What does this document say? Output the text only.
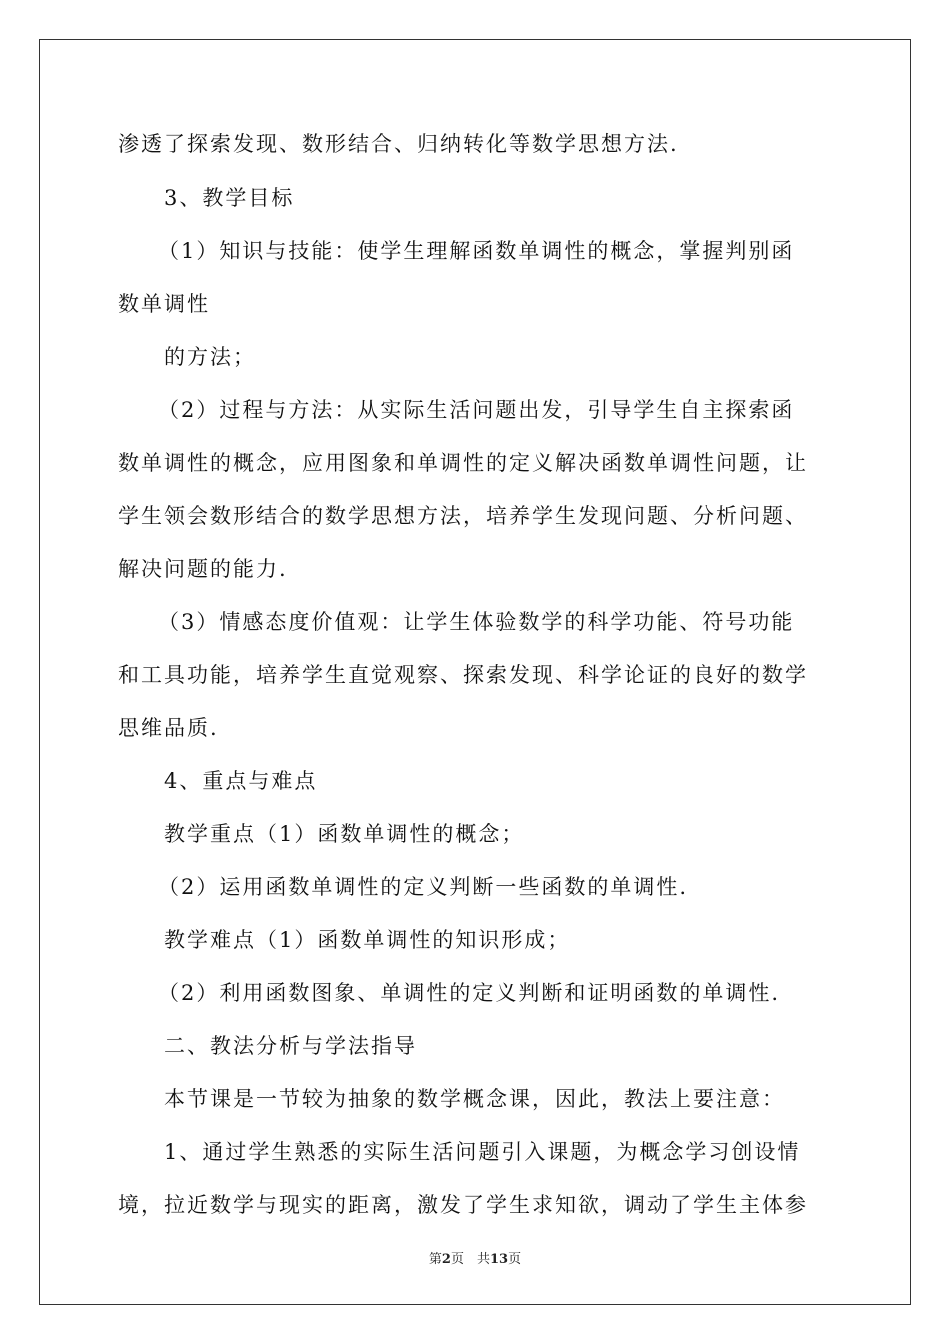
渗透了探索发现、数形结合、归纳转化等数学思想方法.
3、教学目标
（1）知识与技能：使学生理解函数单调性的概念，掌握判别函
数单调性
的方法；
（2）过程与方法：从实际生活问题出发，引导学生自主探索函
数单调性的概念，应用图象和单调性的定义解决函数单调性问题，让
学生领会数形结合的数学思想方法，培养学生发现问题、分析问题、
解决问题的能力.
（3）情感态度价值观：让学生体验数学的科学功能、符号功能
和工具功能，培养学生直觉观察、探索发现、科学论证的良好的数学
思维品质.
4、重点与难点
教学重点（1）函数单调性的概念；
（2）运用函数单调性的定义判断一些函数的单调性.
教学难点（1）函数单调性的知识形成；
（2）利用函数图象、单调性的定义判断和证明函数的单调性.
二、教法分析与学法指导
本节课是一节较为抽象的数学概念课，因此，教法上要注意：
1、通过学生熟悉的实际生活问题引入课题，为概念学习创设情
境，拉近数学与现实的距离，激发了学生求知欲，调动了学生主体参
第2页　共13页
